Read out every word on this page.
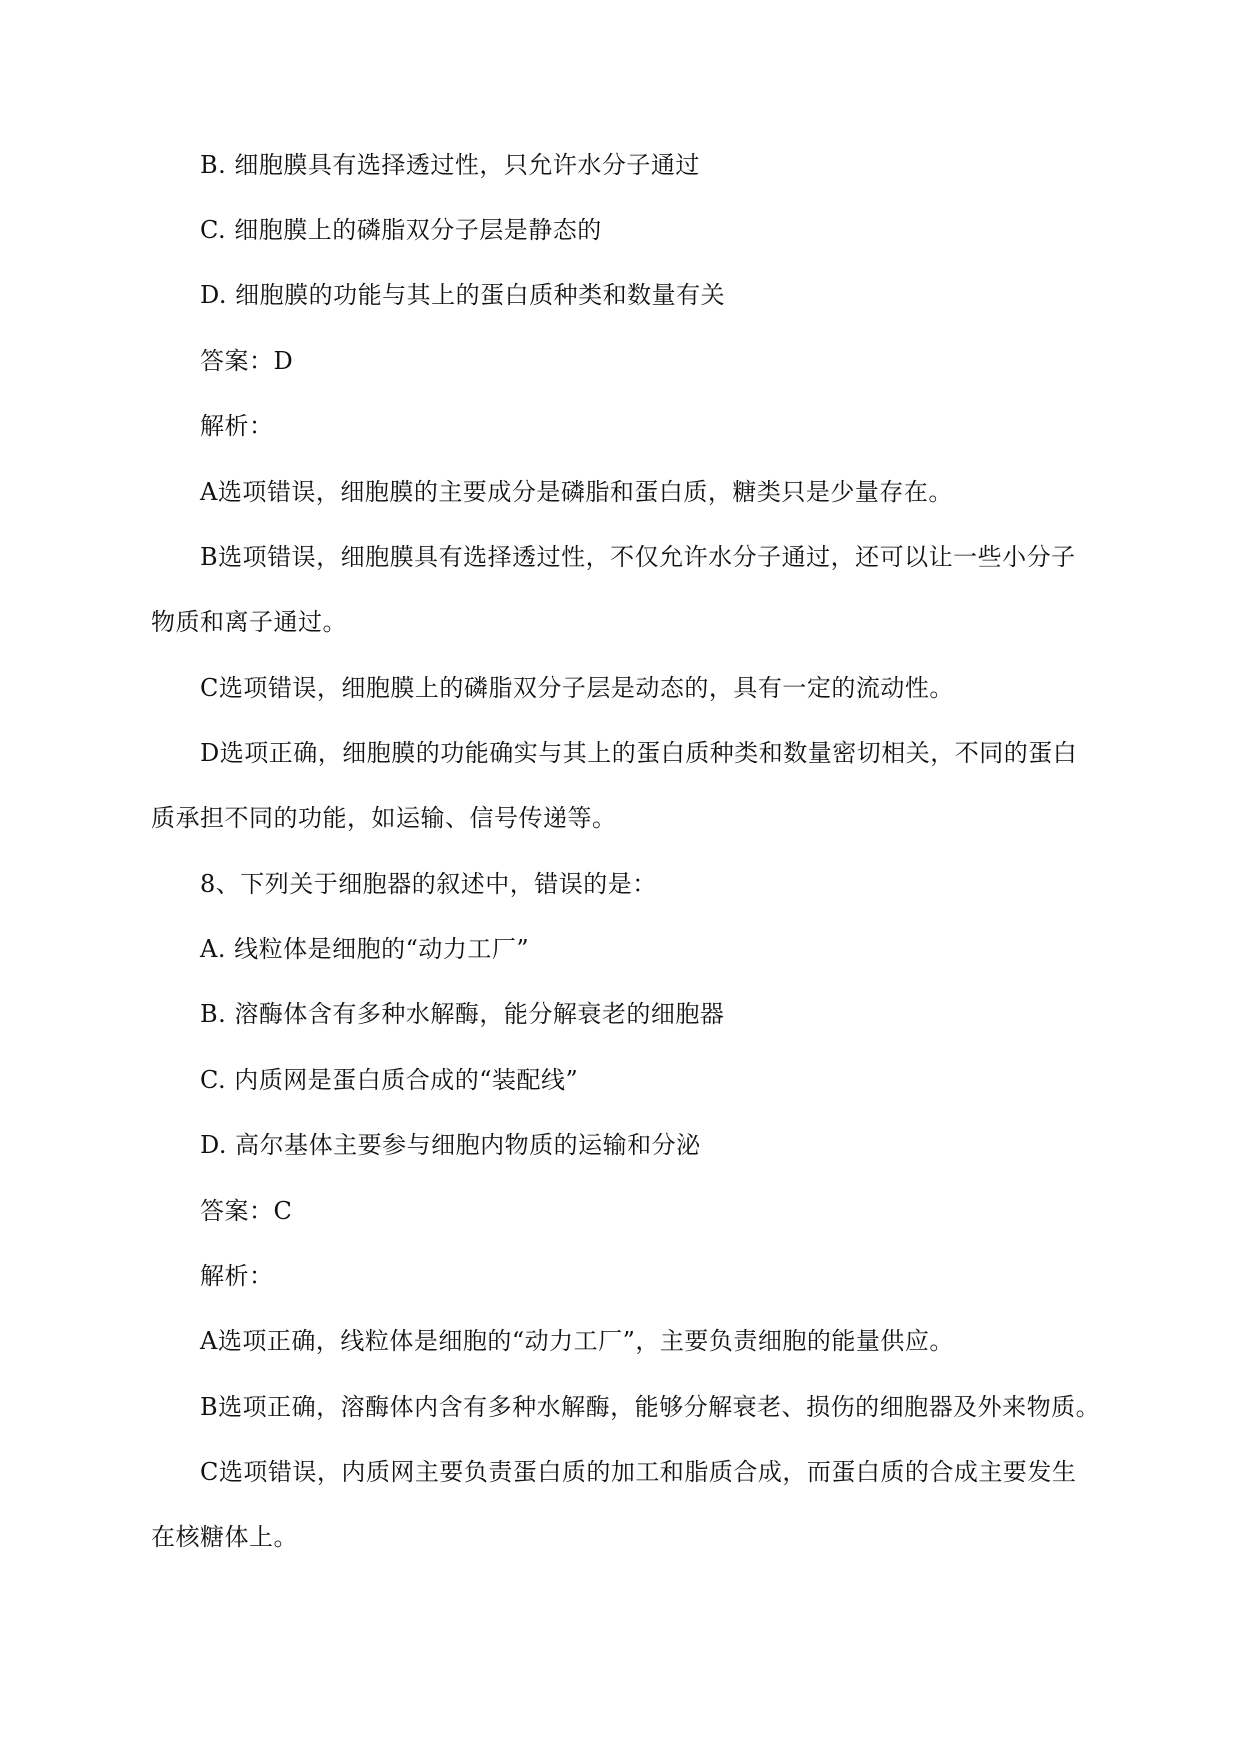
B. 细胞膜具有选择透过性，只允许水分子通过

C. 细胞膜上的磷脂双分子层是静态的

D. 细胞膜的功能与其上的蛋白质种类和数量有关

答案：D

解析：

A选项错误，细胞膜的主要成分是磷脂和蛋白质，糖类只是少量存在。

B选项错误，细胞膜具有选择透过性，不仅允许水分子通过，还可以让一些小分子

物质和离子通过。

C选项错误，细胞膜上的磷脂双分子层是动态的，具有一定的流动性。

D选项正确，细胞膜的功能确实与其上的蛋白质种类和数量密切相关，不同的蛋白

质承担不同的功能，如运输、信号传递等。

8、下列关于细胞器的叙述中，错误的是：

A. 线粒体是细胞的“动力工厂”

B. 溶酶体含有多种水解酶，能分解衰老的细胞器

C. 内质网是蛋白质合成的“装配线”

D. 高尔基体主要参与细胞内物质的运输和分泌

答案：C

解析：

A选项正确，线粒体是细胞的“动力工厂”，主要负责细胞的能量供应。

B选项正确，溶酶体内含有多种水解酶，能够分解衰老、损伤的细胞器及外来物质。

C选项错误，内质网主要负责蛋白质的加工和脂质合成，而蛋白质的合成主要发生

在核糖体上。
